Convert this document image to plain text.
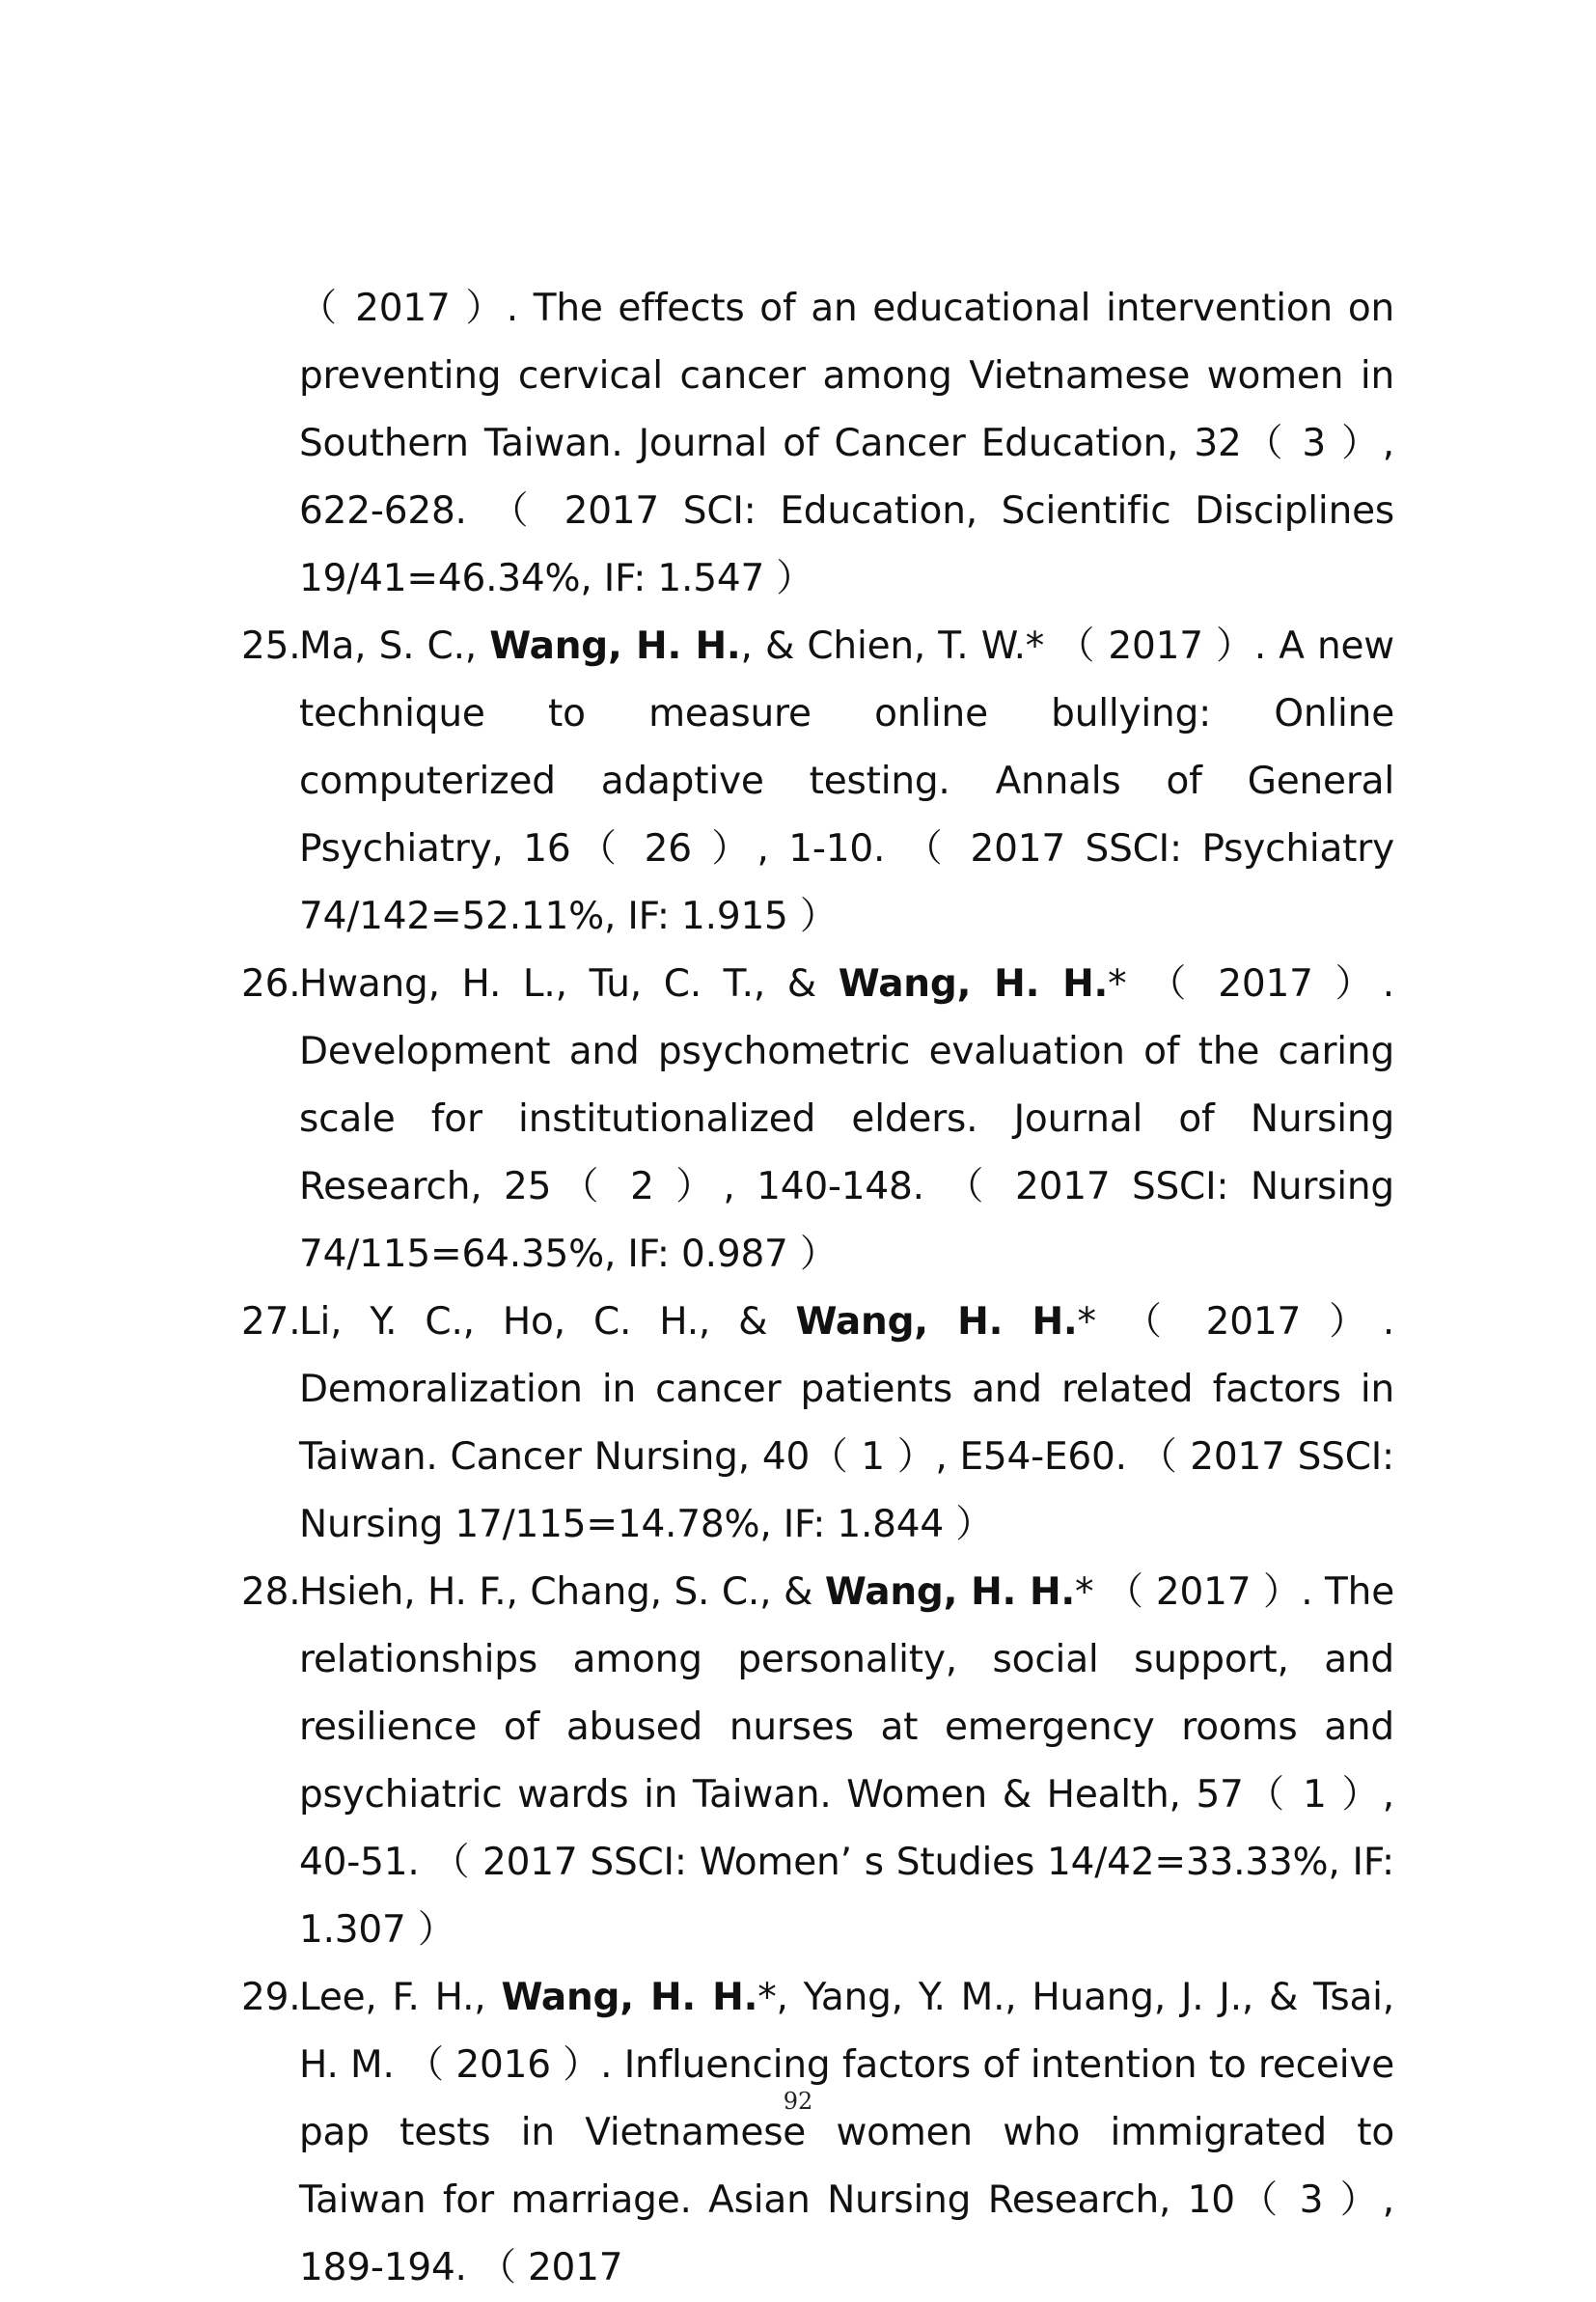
（ 2017 ）. The effects of an educational intervention on preventing cervical cancer among Vietnamese women in Southern Taiwan. Journal of Cancer Education, 32（ 3 ）, 622-628. （ 2017 SCI: Education, Scientific Disciplines 19/41=46.34%, IF: 1.547 ）

25.
Ma, S. C., Wang, H. H., & Chien, T. W.* （ 2017 ）. A new technique to measure online bullying: Online computerized adaptive testing. Annals of General Psychiatry, 16（ 26 ）, 1-10. （ 2017 SSCI: Psychiatry 74/142=52.11%, IF: 1.915 ）

26.
Hwang, H. L., Tu, C. T., & Wang, H. H.* （ 2017 ）. Development and psychometric evaluation of the caring scale for institutionalized elders. Journal of Nursing Research, 25（ 2 ）, 140-148. （ 2017 SSCI: Nursing 74/115=64.35%, IF: 0.987 ）

27.
Li, Y. C., Ho, C. H., & Wang, H. H.* （ 2017 ）. Demoralization in cancer patients and related factors in Taiwan. Cancer Nursing, 40（ 1 ）, E54-E60. （ 2017 SSCI: Nursing 17/115=14.78%, IF: 1.844 ）

28.
Hsieh, H. F., Chang, S. C., & Wang, H. H.* （ 2017 ）. The relationships among personality, social support, and resilience of abused nurses at emergency rooms and psychiatric wards in Taiwan. Women & Health, 57（ 1 ）, 40-51. （ 2017 SSCI: Women’ s Studies 14/42=33.33%, IF: 1.307 ）

29.
Lee, F. H., Wang, H. H.*, Yang, Y. M., Huang, J. J., & Tsai, H. M. （ 2016 ）. Influencing factors of intention to receive pap tests in Vietnamese women who immigrated to Taiwan for marriage. Asian Nursing Research, 10（ 3 ）, 189-194. （ 2017

92
